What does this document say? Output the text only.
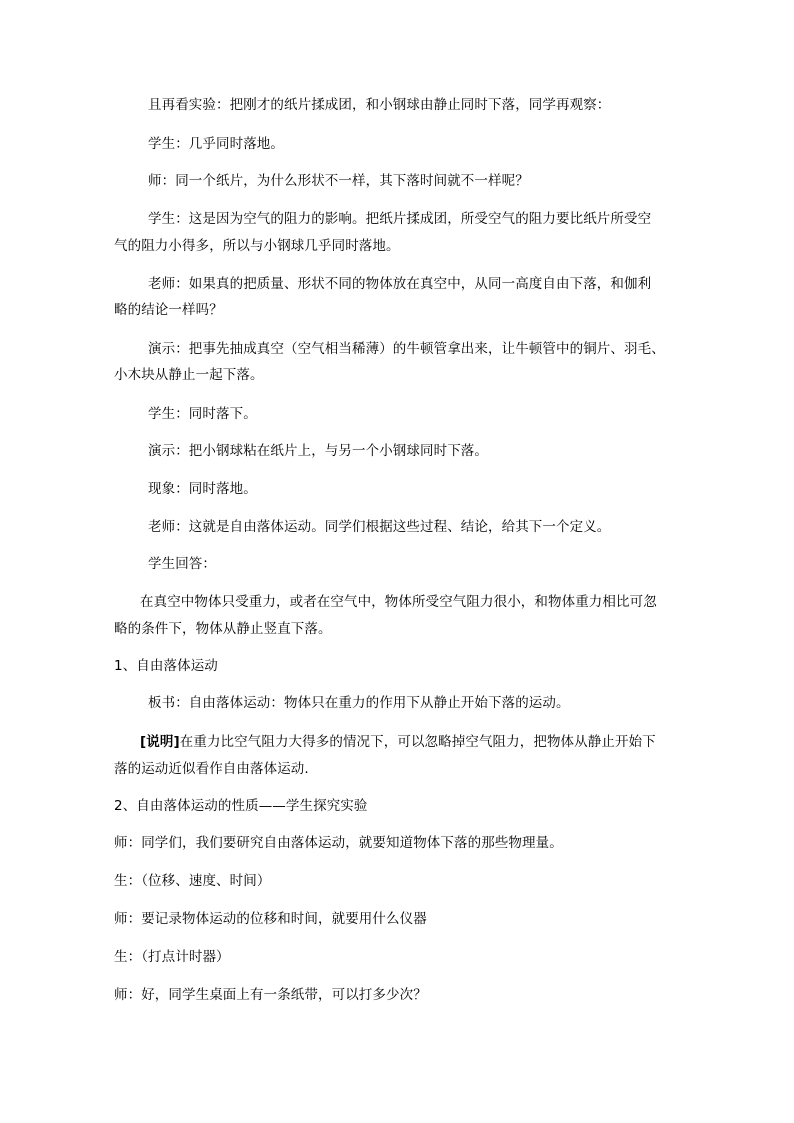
且再看实验：把刚才的纸片揉成团，和小钢球由静止同时下落，同学再观察：

学生：几乎同时落地。

师：同一个纸片，为什么形状不一样，其下落时间就不一样呢？

学生：这是因为空气的阻力的影响。把纸片揉成团，所受空气的阻力要比纸片所受空

气的阻力小得多，所以与小钢球几乎同时落地。

老师：如果真的把质量、形状不同的物体放在真空中，从同一高度自由下落，和伽利

略的结论一样吗？

演示：把事先抽成真空（空气相当稀薄）的牛顿管拿出来，让牛顿管中的铜片、羽毛、

小木块从静止一起下落。

学生：同时落下。

演示：把小钢球粘在纸片上，与另一个小钢球同时下落。

现象：同时落地。

老师：这就是自由落体运动。同学们根据这些过程、结论，给其下一个定义。

学生回答：

在真空中物体只受重力，或者在空气中，物体所受空气阻力很小，和物体重力相比可忽

略的条件下，物体从静止竖直下落。

1、自由落体运动

板书：自由落体运动：物体只在重力的作用下从静止开始下落的运动。

[说明]在重力比空气阻力大得多的情况下，可以忽略掉空气阻力，把物体从静止开始下

落的运动近似看作自由落体运动.

2、自由落体运动的性质——学生探究实验

师：同学们，我们要研究自由落体运动，就要知道物体下落的那些物理量。

生：（位移、速度、时间）

师：要记录物体运动的位移和时间，就要用什么仪器

生：（打点计时器）

师：好，同学生桌面上有一条纸带，可以打多少次？
